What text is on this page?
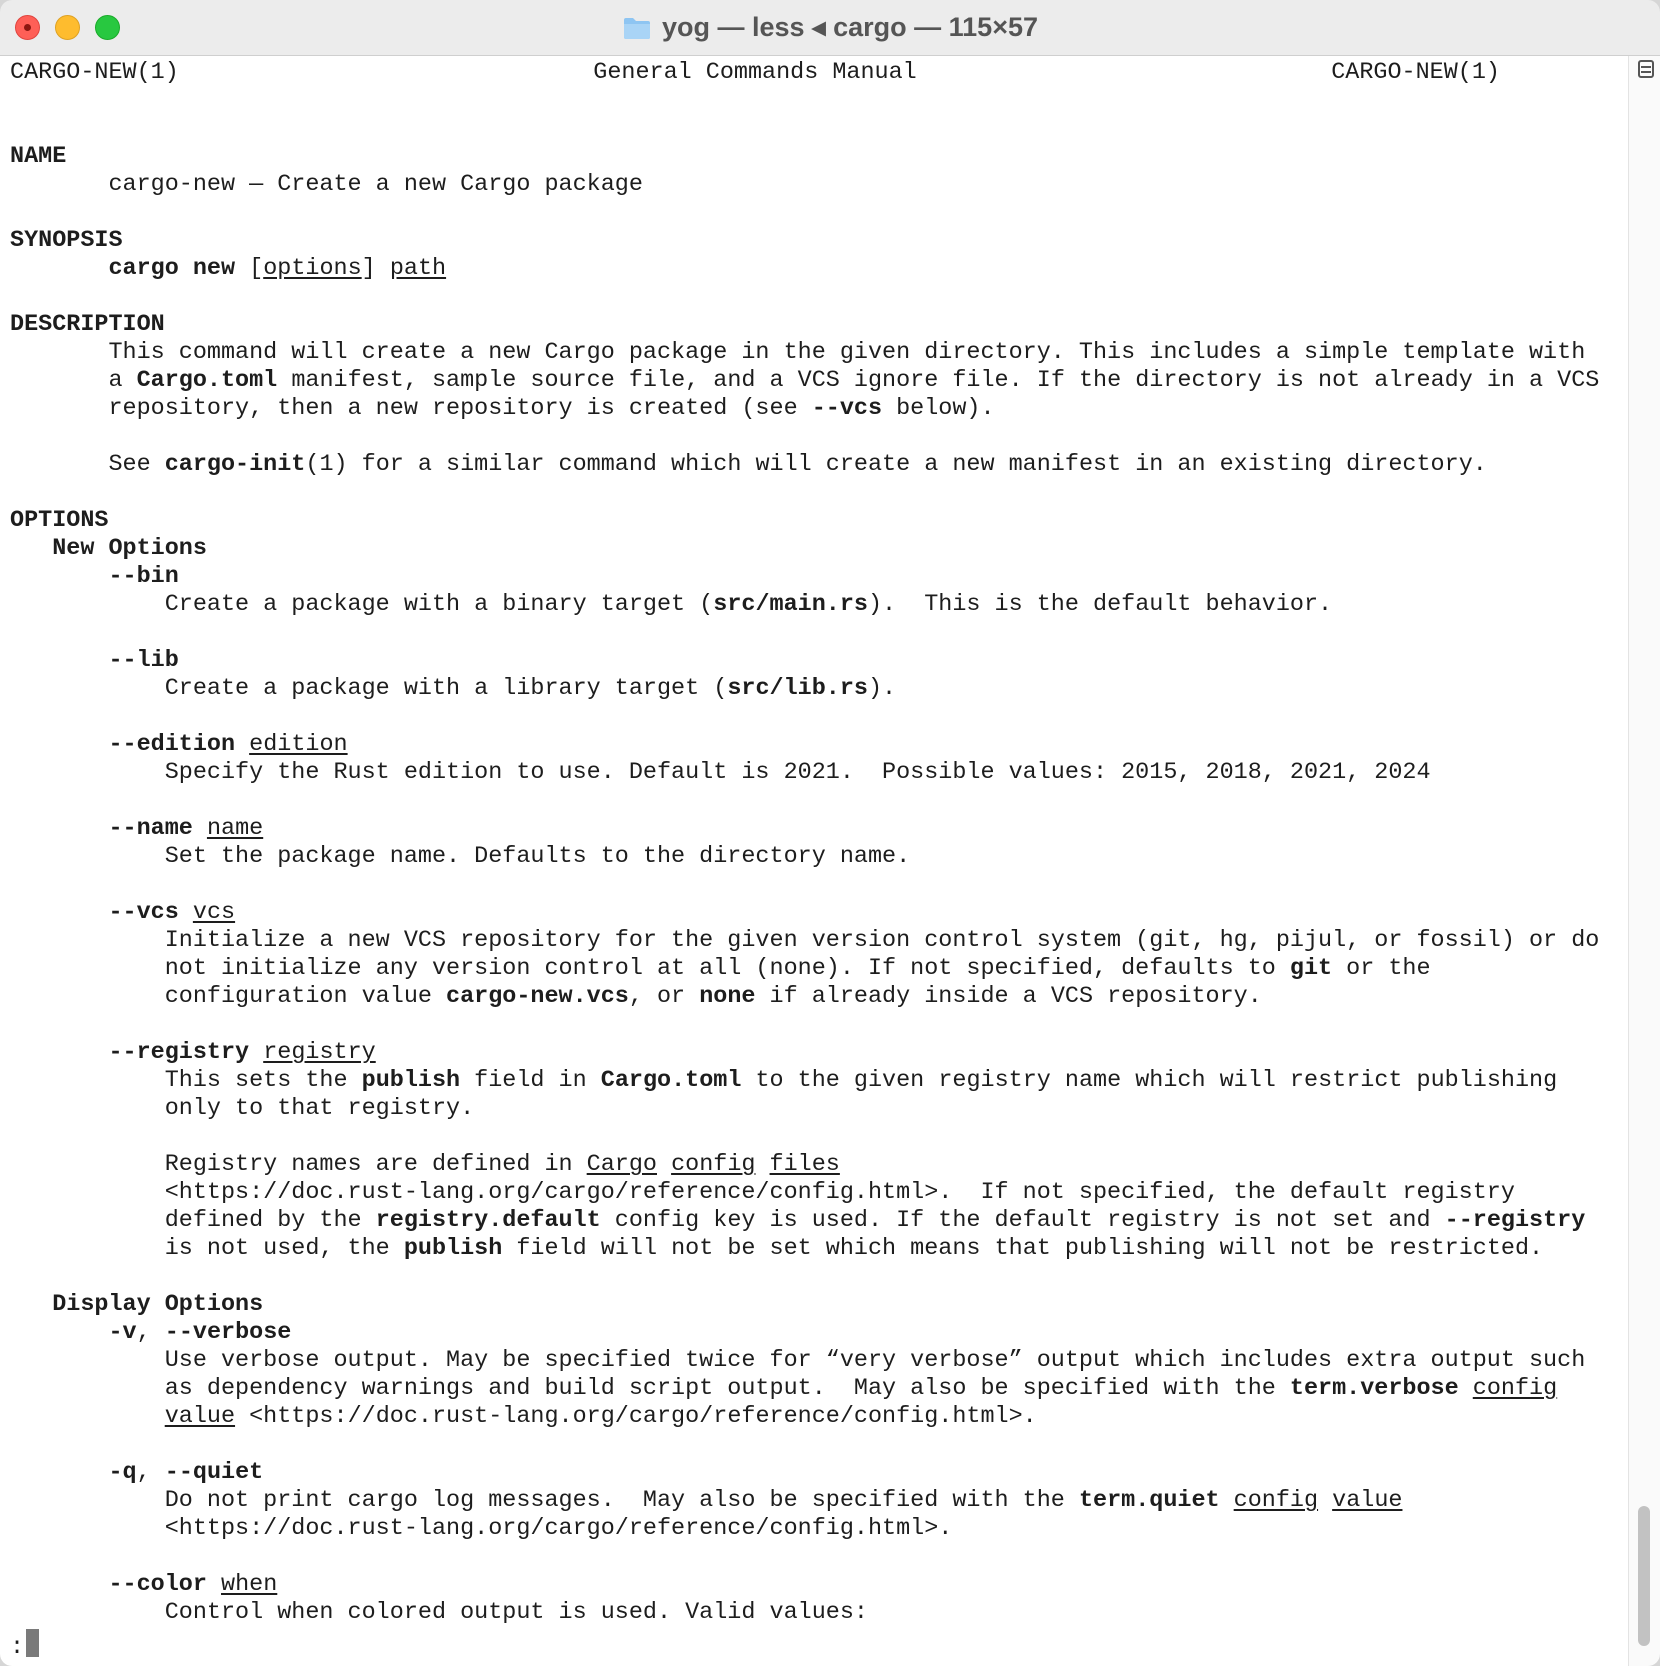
yog — less ◂ cargo — 115×57
CARGO-NEW(1)	General Commands Manual	CARGO-NEW(1)

NAME
cargo-new — Create a new Cargo package

SYNOPSIS
cargo new [options] path

DESCRIPTION
This command will create a new Cargo package in the given directory. This includes a simple template with
a Cargo.toml manifest, sample source file, and a VCS ignore file. If the directory is not already in a VCS
repository, then a new repository is created (see --vcs below).

See cargo-init(1) for a similar command which will create a new manifest in an existing directory.

OPTIONS
New Options
--bin
Create a package with a binary target (src/main.rs).  This is the default behavior.

--lib
Create a package with a library target (src/lib.rs).

--edition edition
Specify the Rust edition to use. Default is 2021.  Possible values: 2015, 2018, 2021, 2024

--name name
Set the package name. Defaults to the directory name.

--vcs vcs
Initialize a new VCS repository for the given version control system (git, hg, pijul, or fossil) or do
not initialize any version control at all (none). If not specified, defaults to git or the
configuration value cargo-new.vcs, or none if already inside a VCS repository.

--registry registry
This sets the publish field in Cargo.toml to the given registry name which will restrict publishing
only to that registry.

Registry names are defined in Cargo config files
<https://doc.rust-lang.org/cargo/reference/config.html>.  If not specified, the default registry
defined by the registry.default config key is used. If the default registry is not set and --registry
is not used, the publish field will not be set which means that publishing will not be restricted.

Display Options
-v, --verbose
Use verbose output. May be specified twice for “very verbose” output which includes extra output such
as dependency warnings and build script output.  May also be specified with the term.verbose config
value <https://doc.rust-lang.org/cargo/reference/config.html>.

-q, --quiet
Do not print cargo log messages.  May also be specified with the term.quiet config value
<https://doc.rust-lang.org/cargo/reference/config.html>.

--color when
Control when colored output is used. Valid values:
:
